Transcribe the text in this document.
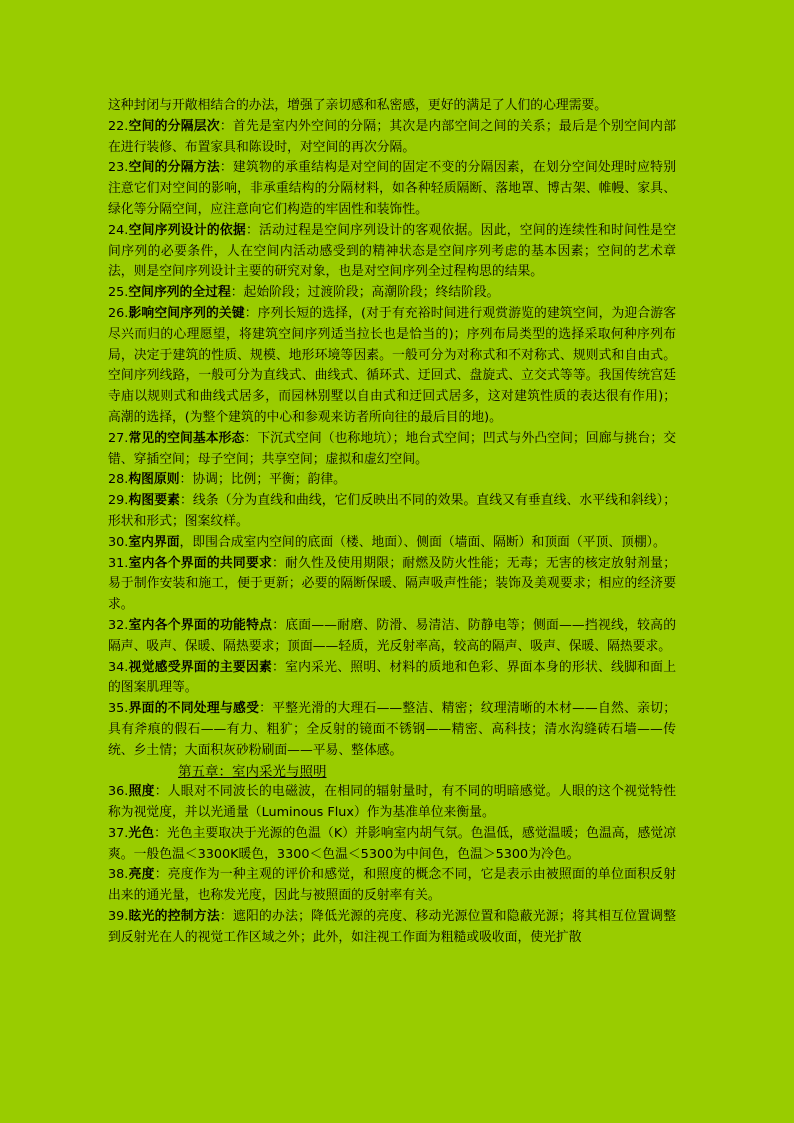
这种封闭与开敞相结合的办法，增强了亲切感和私密感，更好的满足了人们的心理需要。

22.空间的分隔层次：首先是室内外空间的分隔；其次是内部空间之间的关系；最后是个别空间内部在进行装修、布置家具和陈设时，对空间的再次分隔。

23.空间的分隔方法：建筑物的承重结构是对空间的固定不变的分隔因素，在划分空间处理时应特别注意它们对空间的影响，非承重结构的分隔材料，如各种轻质隔断、落地罩、博古架、帷幔、家具、绿化等分隔空间，应注意向它们构造的牢固性和装饰性。

24.空间序列设计的依据：活动过程是空间序列设计的客观依据。因此，空间的连续性和时间性是空间序列的必要条件，人在空间内活动感受到的精神状态是空间序列考虑的基本因素；空间的艺术章法，则是空间序列设计主要的研究对象，也是对空间序列全过程构思的结果。

25.空间序列的全过程：起始阶段；过渡阶段；高潮阶段；终结阶段。

26.影响空间序列的关键：序列长短的选择，(对于有充裕时间进行观赏游览的建筑空间，为迎合游客尽兴而归的心理愿望，将建筑空间序列适当拉长也是恰当的)；序列布局类型的选择采取何种序列布局，决定于建筑的性质、规模、地形环境等因素。一般可分为对称式和不对称式、规则式和自由式。空间序列线路，一般可分为直线式、曲线式、循环式、迂回式、盘旋式、立交式等等。我国传统宫廷寺庙以规则式和曲线式居多，而园林别墅以自由式和迂回式居多，这对建筑性质的表达很有作用)；高潮的选择，(为整个建筑的中心和参观来访者所向往的最后目的地)。

27.常见的空间基本形态：下沉式空间（也称地坑）；地台式空间；凹式与外凸空间；回廊与挑台；交错、穿插空间；母子空间；共享空间；虚拟和虚幻空间。

28.构图原则：协调；比例；平衡；韵律。

29.构图要素：线条（分为直线和曲线，它们反映出不同的效果。直线又有垂直线、水平线和斜线）；形状和形式；图案纹样。

30.室内界面，即围合成室内空间的底面（楼、地面）、侧面（墙面、隔断）和顶面（平顶、顶棚）。

31.室内各个界面的共同要求：耐久性及使用期限；耐燃及防火性能；无毒；无害的核定放射剂量；易于制作安装和施工，便于更新；必要的隔断保暖、隔声吸声性能；装饰及美观要求；相应的经济要求。

32.室内各个界面的功能特点：底面——耐磨、防滑、易清洁、防静电等；侧面——挡视线，较高的隔声、吸声、保暖、隔热要求；顶面——轻质，光反射率高，较高的隔声、吸声、保暖、隔热要求。

34.视觉感受界面的主要因素：室内采光、照明、材料的质地和色彩、界面本身的形状、线脚和面上的图案肌理等。

35.界面的不同处理与感受：平整光滑的大理石——整洁、精密；纹理清晰的木材——自然、亲切；具有斧痕的假石——有力、粗犷；全反射的镜面不锈钢——精密、高科技；清水沟缝砖石墙——传统、乡土情；大面积灰砂粉刷面——平易、整体感。

第五章：室内采光与照明

36.照度：人眼对不同波长的电磁波，在相同的辐射量时，有不同的明暗感觉。人眼的这个视觉特性称为视觉度，并以光通量（Luminous Flux）作为基准单位来衡量。

37.光色：光色主要取决于光源的色温（K）并影响室内胡气氛。色温低，感觉温暖；色温高，感觉凉爽。一般色温＜3300K暖色，3300＜色温＜5300为中间色，色温＞5300为冷色。

38.亮度：亮度作为一种主观的评价和感觉，和照度的概念不同，它是表示由被照面的单位面积反射出来的通光量，也称发光度，因此与被照面的反射率有关。

39.眩光的控制方法：遮阳的办法；降低光源的亮度、移动光源位置和隐蔽光源；将其相互位置调整到反射光在人的视觉工作区域之外；此外，如注视工作面为粗糙或吸收面，使光扩散
